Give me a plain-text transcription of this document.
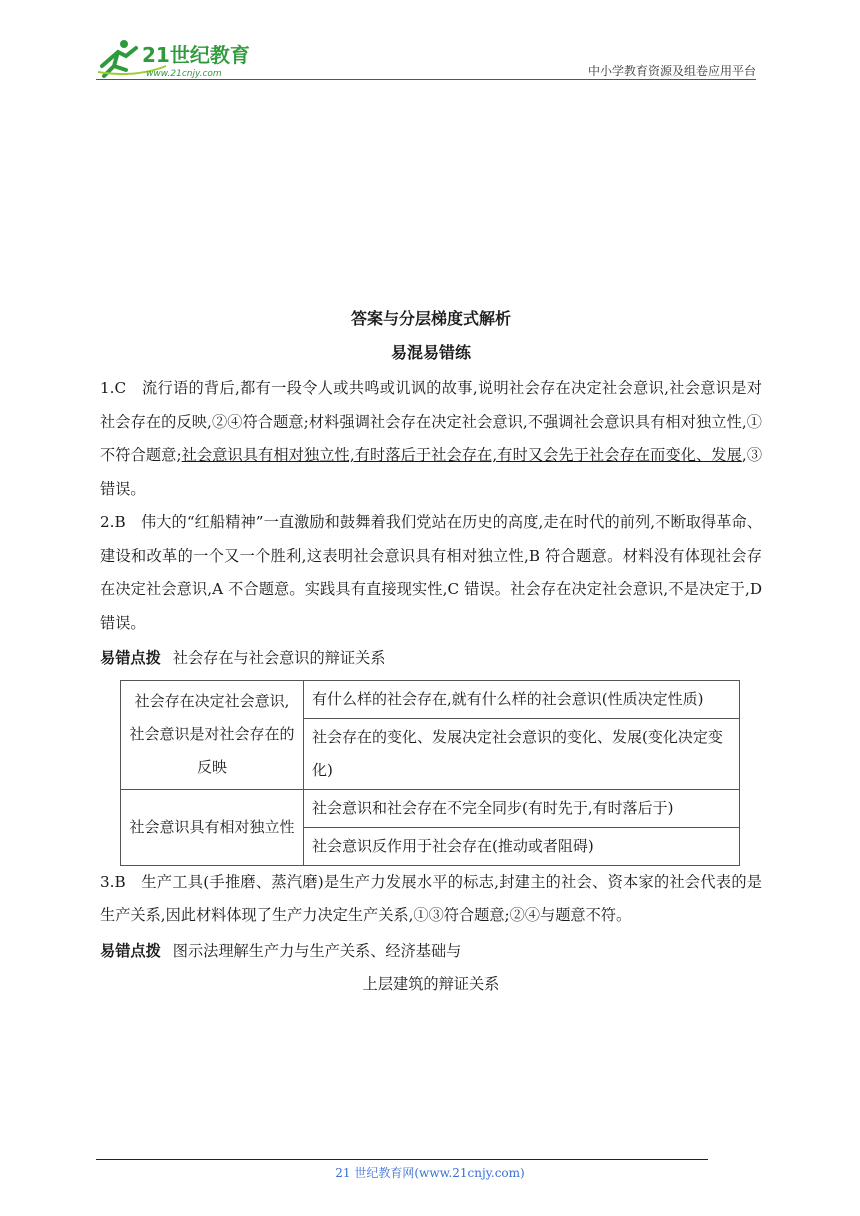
21世纪教育
www.21cnjy.com	中小学教育资源及组卷应用平台
答案与分层梯度式解析
易混易错练

1.C　流行语的背后,都有一段令人或共鸣或讥讽的故事,说明社会存在决定社会意识,社会意识是对社会存在的反映,②④符合题意;材料强调社会存在决定社会意识,不强调社会意识具有相对独立性,①不符合题意;社会意识具有相对独立性,有时落后于社会存在,有时又会先于社会存在而变化、发展,③错误。

2.B　伟大的“红船精神”一直激励和鼓舞着我们党站在历史的高度,走在时代的前列,不断取得革命、建设和改革的一个又一个胜利,这表明社会意识具有相对独立性,B 符合题意。材料没有体现社会存在决定社会意识,A 不合题意。实践具有直接现实性,C 错误。社会存在决定社会意识,不是决定于,D 错误。

易错点拨 社会存在与社会意识的辩证关系

社会存在决定社会意识,社会意识是对社会存在的反映	有什么样的社会存在,就有什么样的社会意识(性质决定性质)
	社会存在的变化、发展决定社会意识的变化、发展(变化决定变化)
社会意识具有相对独立性	社会意识和社会存在不完全同步(有时先于,有时落后于)
	社会意识反作用于社会存在(推动或者阻碍)

3.B　生产工具(手推磨、蒸汽磨)是生产力发展水平的标志,封建主的社会、资本家的社会代表的是生产关系,因此材料体现了生产力决定生产关系,①③符合题意;②④与题意不符。

易错点拨 图示法理解生产力与生产关系、经济基础与

上层建筑的辩证关系

21 世纪教育网(www.21cnjy.com)
